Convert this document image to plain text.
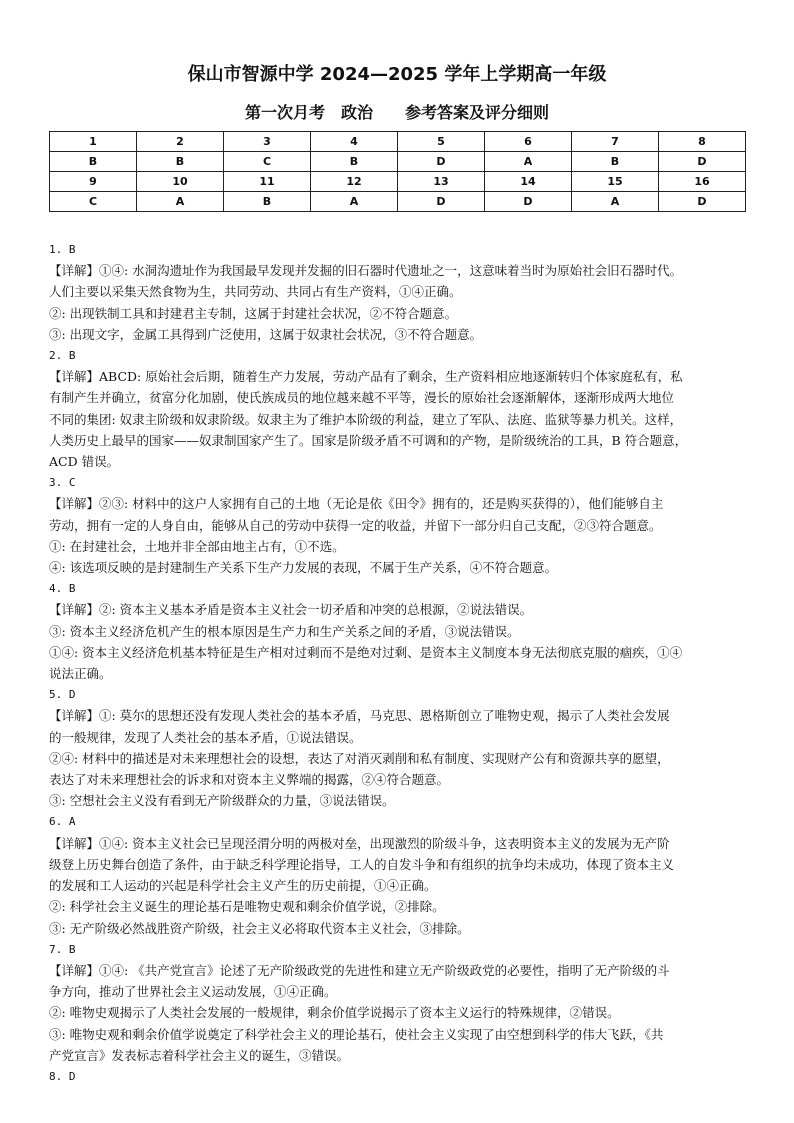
保山市智源中学 2024—2025 学年上学期高一年级
第一次月考　政治　　参考答案及评分细则
1	2	3	4	5	6	7	8
B	B	C	B	D	A	B	D
9	10	11	12	13	14	15	16
C	A	B	A	D	D	A	D
1. B
【详解】①④: 水洞沟遗址作为我国最早发现并发掘的旧石器时代遗址之一，这意味着当时为原始社会旧石器时代。
人们主要以采集天然食物为生，共同劳动、共同占有生产资料，①④正确。
②: 出现铁制工具和封建君主专制，这属于封建社会状况，②不符合题意。
③: 出现文字，金属工具得到广泛使用，这属于奴隶社会状况，③不符合题意。
2. B
【详解】ABCD: 原始社会后期，随着生产力发展，劳动产品有了剩余，生产资料相应地逐渐转归个体家庭私有，私
有制产生并确立，贫富分化加剧，使氏族成员的地位越来越不平等，漫长的原始社会逐渐解体，逐渐形成两大地位
不同的集团: 奴隶主阶级和奴隶阶级。奴隶主为了维护本阶级的利益，建立了军队、法庭、监狱等暴力机关。这样，
人类历史上最早的国家——奴隶制国家产生了。国家是阶级矛盾不可调和的产物，是阶级统治的工具，B 符合题意，
ACD 错误。
3. C
【详解】②③: 材料中的这户人家拥有自己的土地（无论是依《田令》拥有的，还是购买获得的），他们能够自主
劳动，拥有一定的人身自由，能够从自己的劳动中获得一定的收益，并留下一部分归自己支配，②③符合题意。
①: 在封建社会，土地并非全部由地主占有，①不选。
④: 该选项反映的是封建制生产关系下生产力发展的表现，不属于生产关系，④不符合题意。
4. B
【详解】②: 资本主义基本矛盾是资本主义社会一切矛盾和冲突的总根源，②说法错误。
③: 资本主义经济危机产生的根本原因是生产力和生产关系之间的矛盾，③说法错误。
①④: 资本主义经济危机基本特征是生产相对过剩而不是绝对过剩、是资本主义制度本身无法彻底克服的痼疾，①④
说法正确。
5. D
【详解】①: 莫尔的思想还没有发现人类社会的基本矛盾，马克思、恩格斯创立了唯物史观，揭示了人类社会发展
的一般规律，发现了人类社会的基本矛盾，①说法错误。
②④: 材料中的描述是对未来理想社会的设想，表达了对消灭剥削和私有制度、实现财产公有和资源共享的愿望，
表达了对未来理想社会的诉求和对资本主义弊端的揭露，②④符合题意。
③: 空想社会主义没有看到无产阶级群众的力量，③说法错误。
6. A
【详解】①④: 资本主义社会已呈现泾渭分明的两极对垒，出现激烈的阶级斗争，这表明资本主义的发展为无产阶
级登上历史舞台创造了条件，由于缺乏科学理论指导，工人的自发斗争和有组织的抗争均未成功，体现了资本主义
的发展和工人运动的兴起是科学社会主义产生的历史前提，①④正确。
②: 科学社会主义诞生的理论基石是唯物史观和剩余价值学说，②排除。
③: 无产阶级必然战胜资产阶级，社会主义必将取代资本主义社会，③排除。
7. B
【详解】①④: 《共产党宣言》论述了无产阶级政党的先进性和建立无产阶级政党的必要性，指明了无产阶级的斗
争方向，推动了世界社会主义运动发展，①④正确。
②: 唯物史观揭示了人类社会发展的一般规律，剩余价值学说揭示了资本主义运行的特殊规律，②错误。
③: 唯物史观和剩余价值学说奠定了科学社会主义的理论基石，使社会主义实现了由空想到科学的伟大飞跃，《共
产党宣言》发表标志着科学社会主义的诞生，③错误。
8. D
